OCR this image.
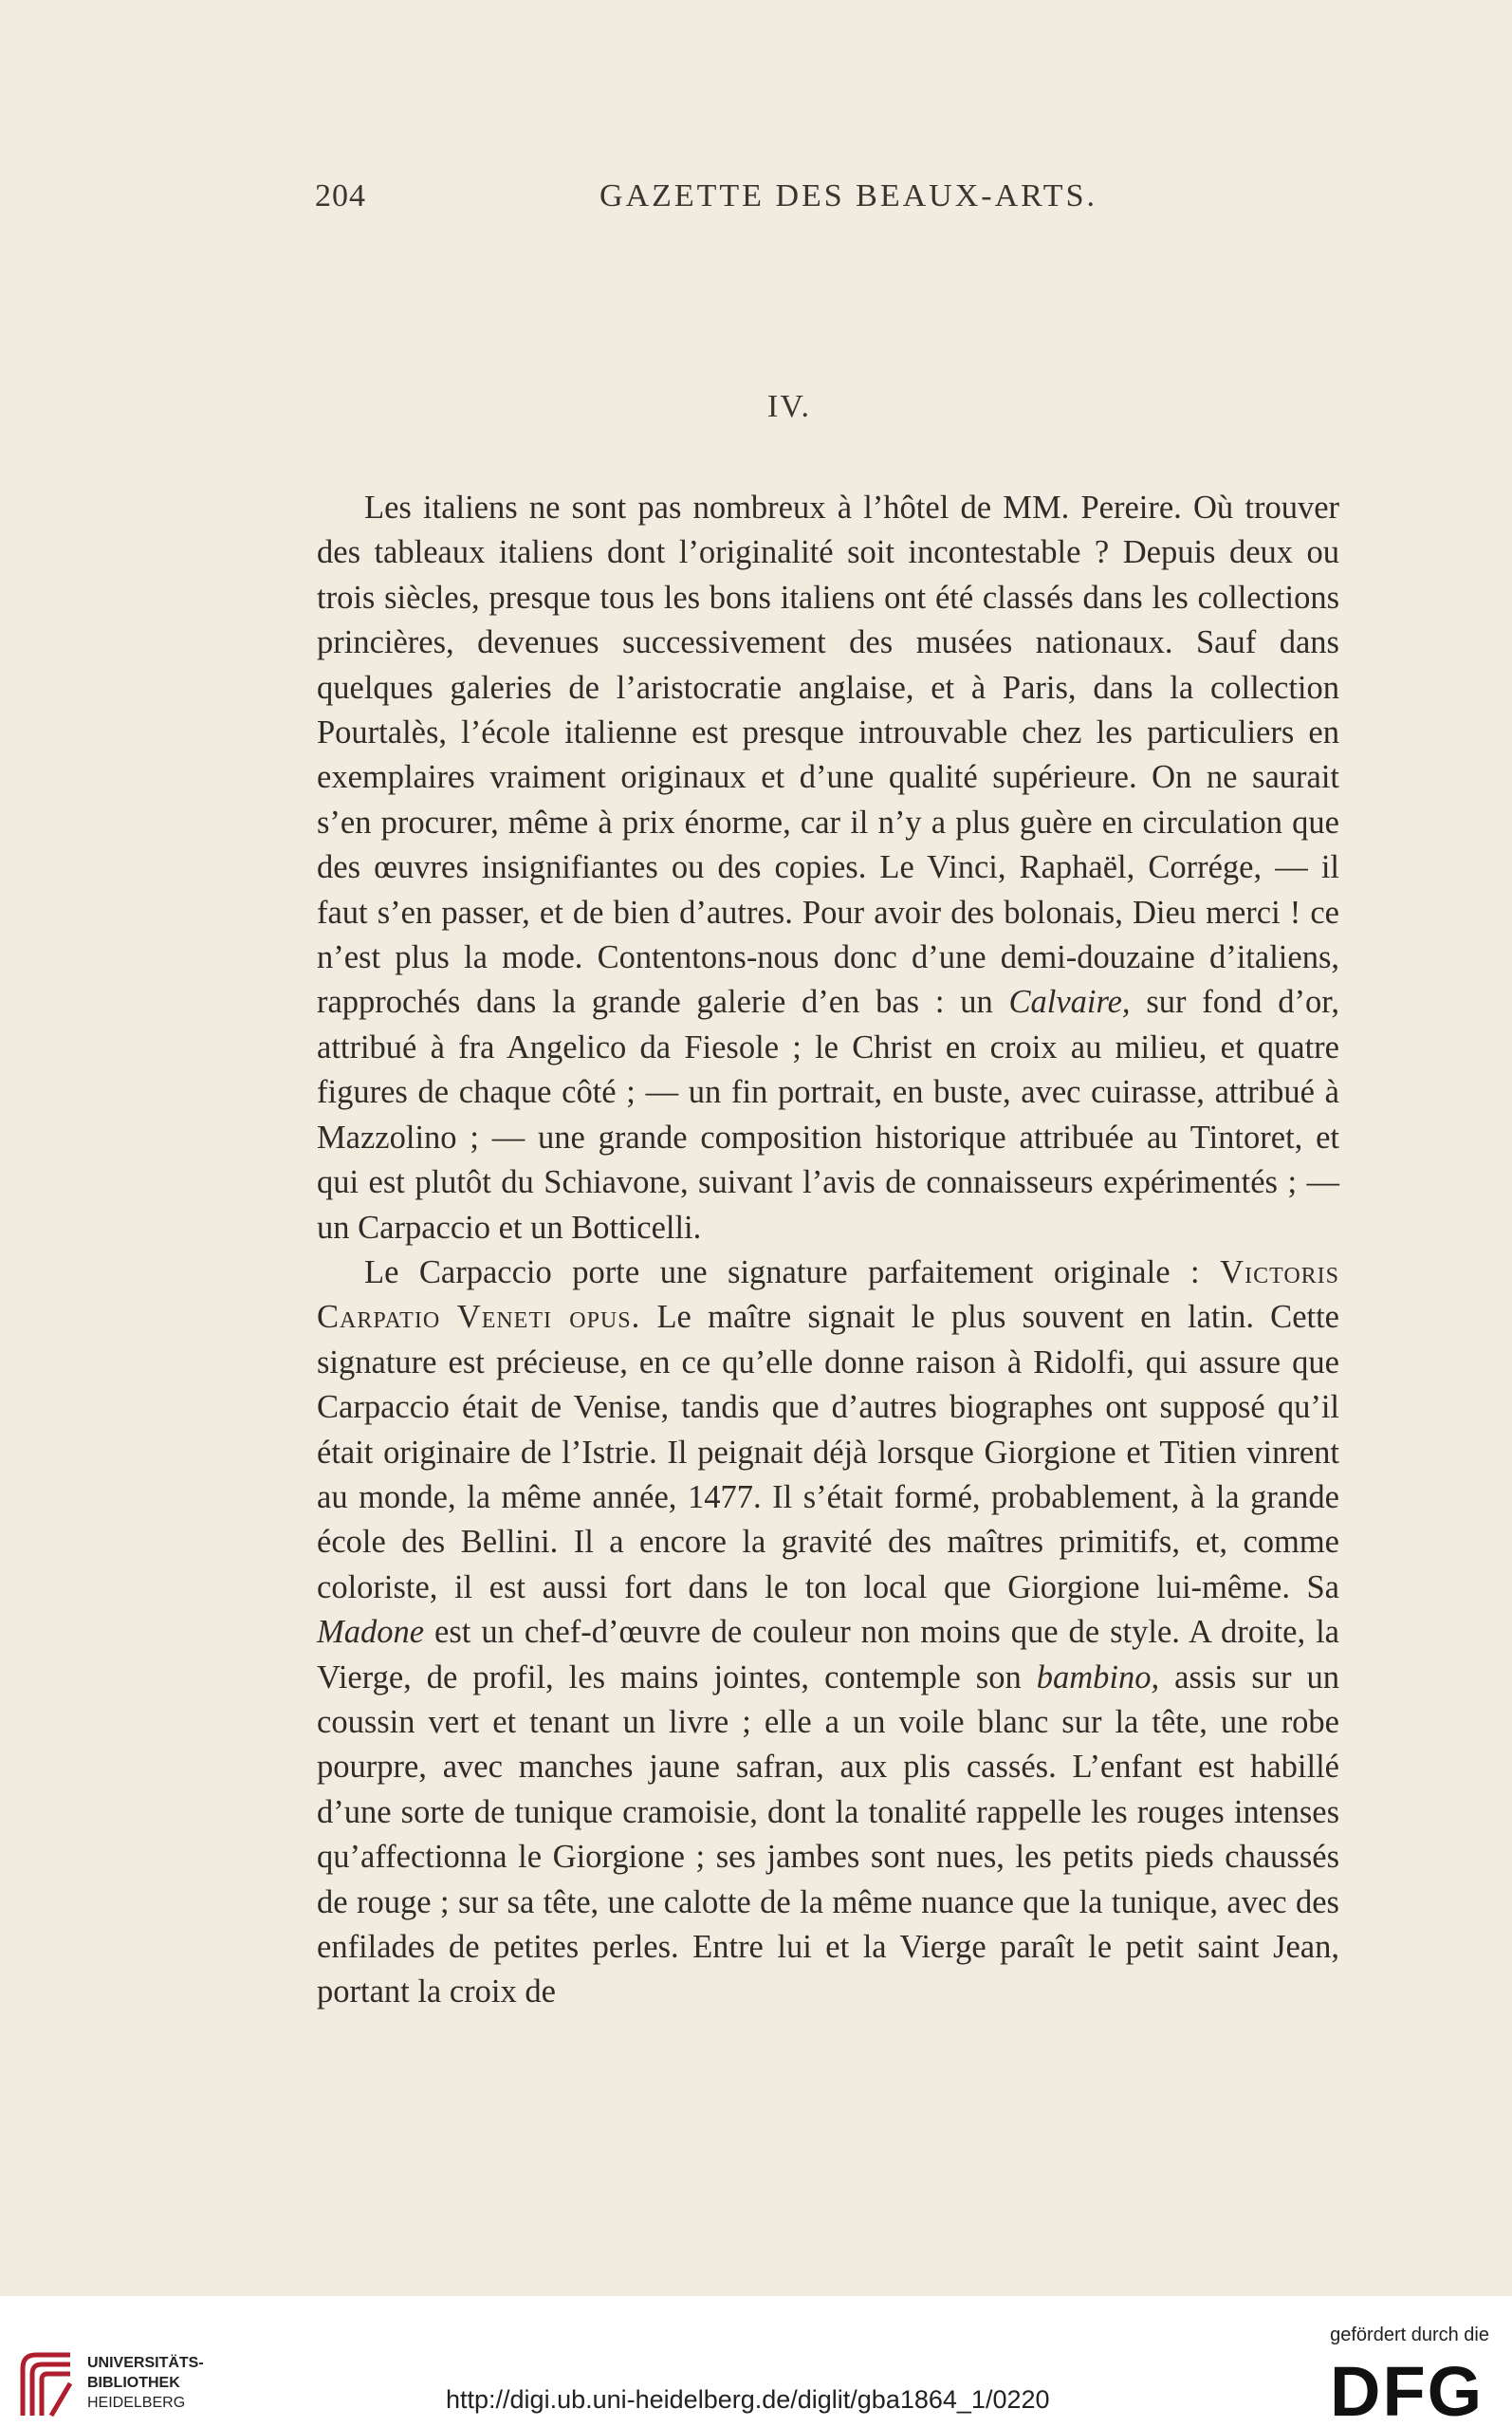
204	GAZETTE DES BEAUX-ARTS.
IV.

Les italiens ne sont pas nombreux à l’hôtel de MM. Pereire. Où trouver des tableaux italiens dont l’originalité soit incontestable ? Depuis deux ou trois siècles, presque tous les bons italiens ont été classés dans les collections princières, devenues successivement des musées nationaux. Sauf dans quelques galeries de l’aristocratie anglaise, et à Paris, dans la collection Pourtalès, l’école italienne est presque introuvable chez les particuliers en exemplaires vraiment originaux et d’une qualité supérieure. On ne saurait s’en procurer, même à prix énorme, car il n’y a plus guère en circulation que des œuvres insignifiantes ou des copies. Le Vinci, Raphaël, Corrége, — il faut s’en passer, et de bien d’autres. Pour avoir des bolonais, Dieu merci ! ce n’est plus la mode. Contentons-nous donc d’une demi-douzaine d’italiens, rapprochés dans la grande galerie d’en bas : un Calvaire, sur fond d’or, attribué à fra Angelico da Fiesole ; le Christ en croix au milieu, et quatre figures de chaque côté ; — un fin portrait, en buste, avec cuirasse, attribué à Mazzolino ; — une grande composition historique attribuée au Tintoret, et qui est plutôt du Schiavone, suivant l’avis de connaisseurs expérimentés ; — un Carpaccio et un Botticelli.

Le Carpaccio porte une signature parfaitement originale : Victoris Carpatio Veneti opus. Le maître signait le plus souvent en latin. Cette signature est précieuse, en ce qu’elle donne raison à Ridolfi, qui assure que Carpaccio était de Venise, tandis que d’autres biographes ont supposé qu’il était originaire de l’Istrie. Il peignait déjà lorsque Giorgione et Titien vinrent au monde, la même année, 1477. Il s’était formé, probablement, à la grande école des Bellini. Il a encore la gravité des maîtres primitifs, et, comme coloriste, il est aussi fort dans le ton local que Giorgione lui-même. Sa Madone est un chef-d’œuvre de couleur non moins que de style. A droite, la Vierge, de profil, les mains jointes, contemple son bambino, assis sur un coussin vert et tenant un livre ; elle a un voile blanc sur la tête, une robe pourpre, avec manches jaune safran, aux plis cassés. L’enfant est habillé d’une sorte de tunique cramoisie, dont la tonalité rappelle les rouges intenses qu’affectionna le Giorgione ; ses jambes sont nues, les petits pieds chaussés de rouge ; sur sa tête, une calotte de la même nuance que la tunique, avec des enfilades de petites perles. Entre lui et la Vierge paraît le petit saint Jean, portant la croix de

UNIVERSITÄTS-
BIBLIOTHEK
HEIDELBERG	http://digi.ub.uni-heidelberg.de/diglit/gba1864_1/0220
gefördert durch die
DFG
